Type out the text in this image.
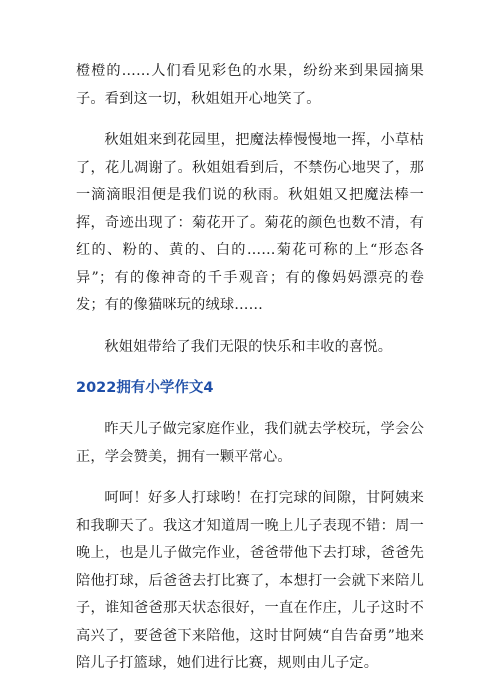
橙橙的……人们看见彩色的水果，纷纷来到果园摘果子。看到这一切，秋姐姐开心地笑了。

秋姐姐来到花园里，把魔法棒慢慢地一挥，小草枯了，花儿凋谢了。秋姐姐看到后，不禁伤心地哭了，那一滴滴眼泪便是我们说的秋雨。秋姐姐又把魔法棒一挥，奇迹出现了：菊花开了。菊花的颜色也数不清，有红的、粉的、黄的、白的……菊花可称的上“形态各异”；有的像神奇的千手观音；有的像妈妈漂亮的卷发；有的像猫咪玩的绒球……

秋姐姐带给了我们无限的快乐和丰收的喜悦。

2022拥有小学作文4

昨天儿子做完家庭作业，我们就去学校玩，学会公正，学会赞美，拥有一颗平常心。

呵呵！好多人打球哟！在打完球的间隙，甘阿姨来和我聊天了。我这才知道周一晚上儿子表现不错：周一晚上，也是儿子做完作业，爸爸带他下去打球，爸爸先陪他打球，后爸爸去打比赛了，本想打一会就下来陪儿子，谁知爸爸那天状态很好，一直在作庄，儿子这时不高兴了，要爸爸下来陪他，这时甘阿姨“自告奋勇”地来陪儿子打篮球，她们进行比赛，规则由儿子定。
